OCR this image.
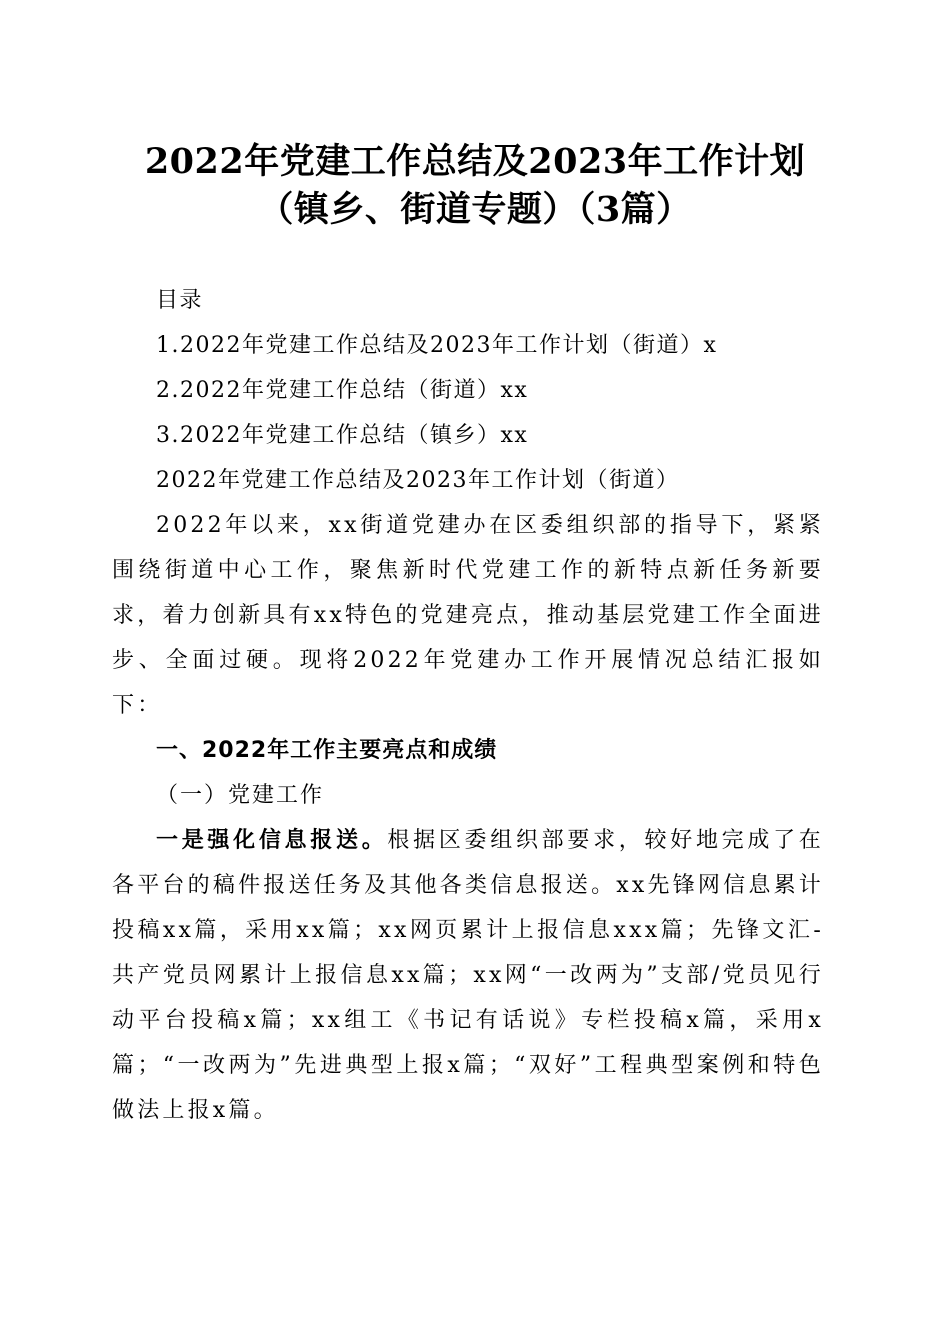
2022年党建工作总结及2023年工作计划（镇乡、街道专题）（3篇）

目录

1.2022年党建工作总结及2023年工作计划（街道）x

2.2022年党建工作总结（街道）xx

3.2022年党建工作总结（镇乡）xx

2022年党建工作总结及2023年工作计划（街道）

2022年以来，xx街道党建办在区委组织部的指导下，紧紧围绕街道中心工作，聚焦新时代党建工作的新特点新任务新要求，着力创新具有xx特色的党建亮点，推动基层党建工作全面进步、全面过硬。现将2022年党建办工作开展情况总结汇报如下：

一、2022年工作主要亮点和成绩

（一）党建工作

一是强化信息报送。根据区委组织部要求，较好地完成了在各平台的稿件报送任务及其他各类信息报送。xx先锋网信息累计投稿xx篇，采用xx篇；xx网页累计上报信息xxx篇；先锋文汇-共产党员网累计上报信息xx篇；xx网“一改两为”支部/党员见行动平台投稿x篇；xx组工《书记有话说》专栏投稿x篇，采用x篇；“一改两为”先进典型上报x篇；“双好”工程典型案例和特色做法上报x篇。
